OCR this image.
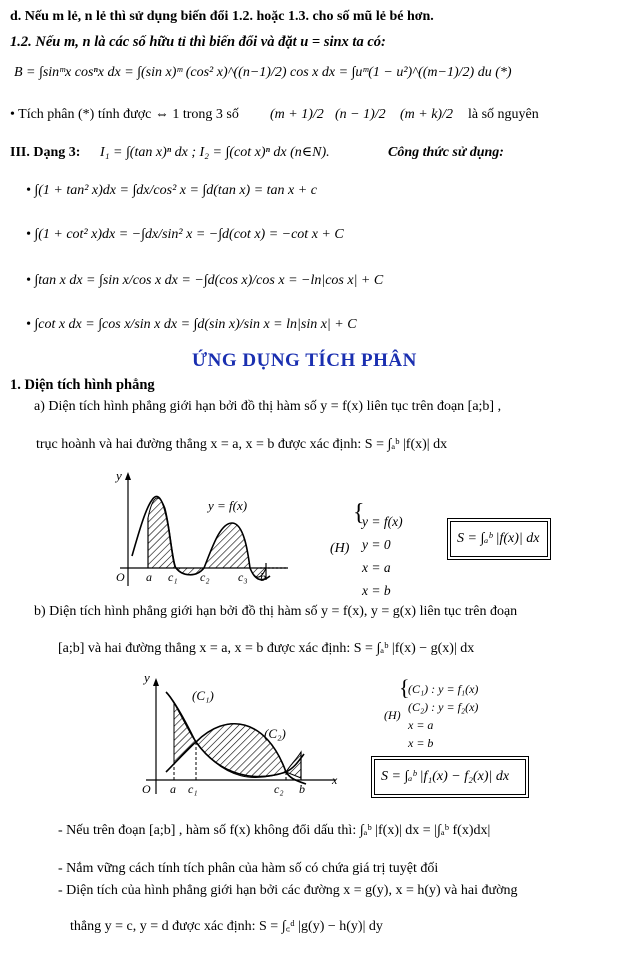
d. Nếu m lẻ, n lẻ thì sử dụng biến đổi 1.2. hoặc 1.3. cho số mũ lẻ bé hơn.
1.2. Nếu m, n là các số hữu tỉ thì biến đổi và đặt u = sinx ta có:
B = ∫sinᵐx cosⁿx dx = ∫(sin x)ᵐ (cos² x)^((n−1)/2) cos x dx = ∫uᵐ(1 − u²)^((m−1)/2) du (*)
• Tích phân (*) tính được ⇔ 1 trong 3 số (m + 1)/2 (n − 1)/2 (m + k)/2 là số nguyên
III. Dạng 3: I₁ = ∫(tan x)ⁿ dx ; I₂ = ∫(cot x)ⁿ dx (n∈N).	Công thức sử dụng:
• ∫(1 + tan² x)dx = ∫dx/cos² x = ∫d(tan x) = tan x + c
• ∫(1 + cot² x)dx = −∫dx/sin² x = −∫d(cot x) = −cot x + C
• ∫tan x dx = ∫sin x/cos x dx = −∫d(cos x)/cos x = −ln|cos x| + C
• ∫cot x dx = ∫cos x/sin x dx = ∫d(sin x)/sin x = ln|sin x| + C
ỨNG DỤNG TÍCH PHÂN
1. Diện tích hình phẳng
a) Diện tích hình phẳng giới hạn bởi đồ thị hàm số y = f(x) liên tục trên đoạn [a;b] ,
trục hoành và hai đường thẳng x = a, x = b được xác định: S = ∫ₐᵇ |f(x)| dx
y
O a c₁ c₂ c₃ b
y = f(x)
(H)
{
y = f(x)
y = 0
x = a
x = b
S = ∫ₐᵇ |f(x)| dx
b) Diện tích hình phẳng giới hạn bởi đồ thị hàm số y = f(x), y = g(x) liên tục trên đoạn
[a;b] và hai đường thẳng x = a, x = b được xác định: S = ∫ₐᵇ |f(x) − g(x)| dx
y
x
O a c₁	c₂ b
(C₁)
(C₂)
(H)
{
(C₁) : y = f₁(x)
(C₂) : y = f₂(x)
x = a
x = b
S = ∫ₐᵇ |f₁(x) − f₂(x)| dx
- Nếu trên đoạn [a;b] , hàm số f(x) không đổi dấu thì: ∫ₐᵇ |f(x)| dx = |∫ₐᵇ f(x)dx|
- Nắm vững cách tính tích phân của hàm số có chứa giá trị tuyệt đối
- Diện tích của hình phẳng giới hạn bởi các đường x = g(y), x = h(y) và hai đường
thẳng y = c, y = d được xác định: S = ∫꜀ᵈ |g(y) − h(y)| dy
